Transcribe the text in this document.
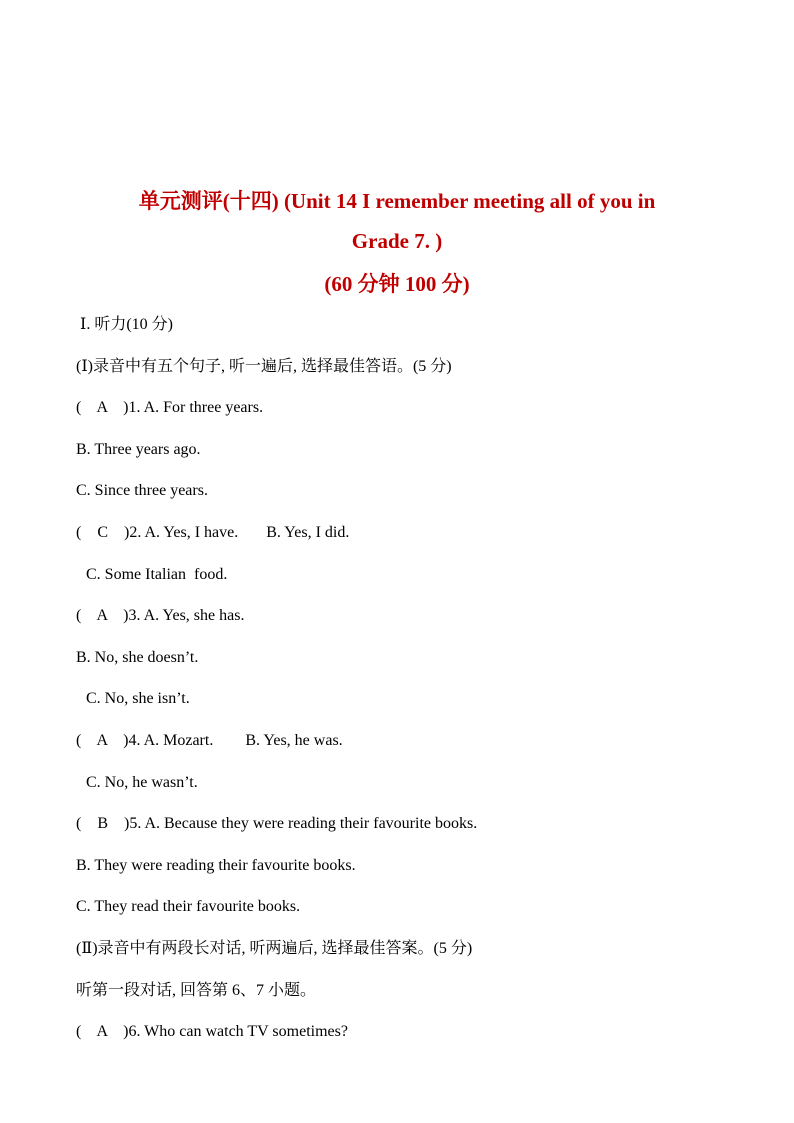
单元测评(十四) (Unit 14 I remember meeting all of you in
Grade 7. )
(60 分钟 100 分)
Ⅰ. 听力(10 分)
(Ⅰ)录音中有五个句子, 听一遍后, 选择最佳答语。(5 分)
(    A    )1. A. For three years.
B. Three years ago.
C. Since three years.
(    C    )2. A. Yes, I have.       B. Yes, I did.
C. Some Italian  food.
(    A    )3. A. Yes, she has.
B. No, she doesn’t.
C. No, she isn’t.
(    A    )4. A. Mozart.        B. Yes, he was.
C. No, he wasn’t.
(    B    )5. A. Because they were reading their favourite books.
B. They were reading their favourite books.
C. They read their favourite books.
(Ⅱ)录音中有两段长对话, 听两遍后, 选择最佳答案。(5 分)
听第一段对话, 回答第 6、7 小题。
(    A    )6. Who can watch TV sometimes?
